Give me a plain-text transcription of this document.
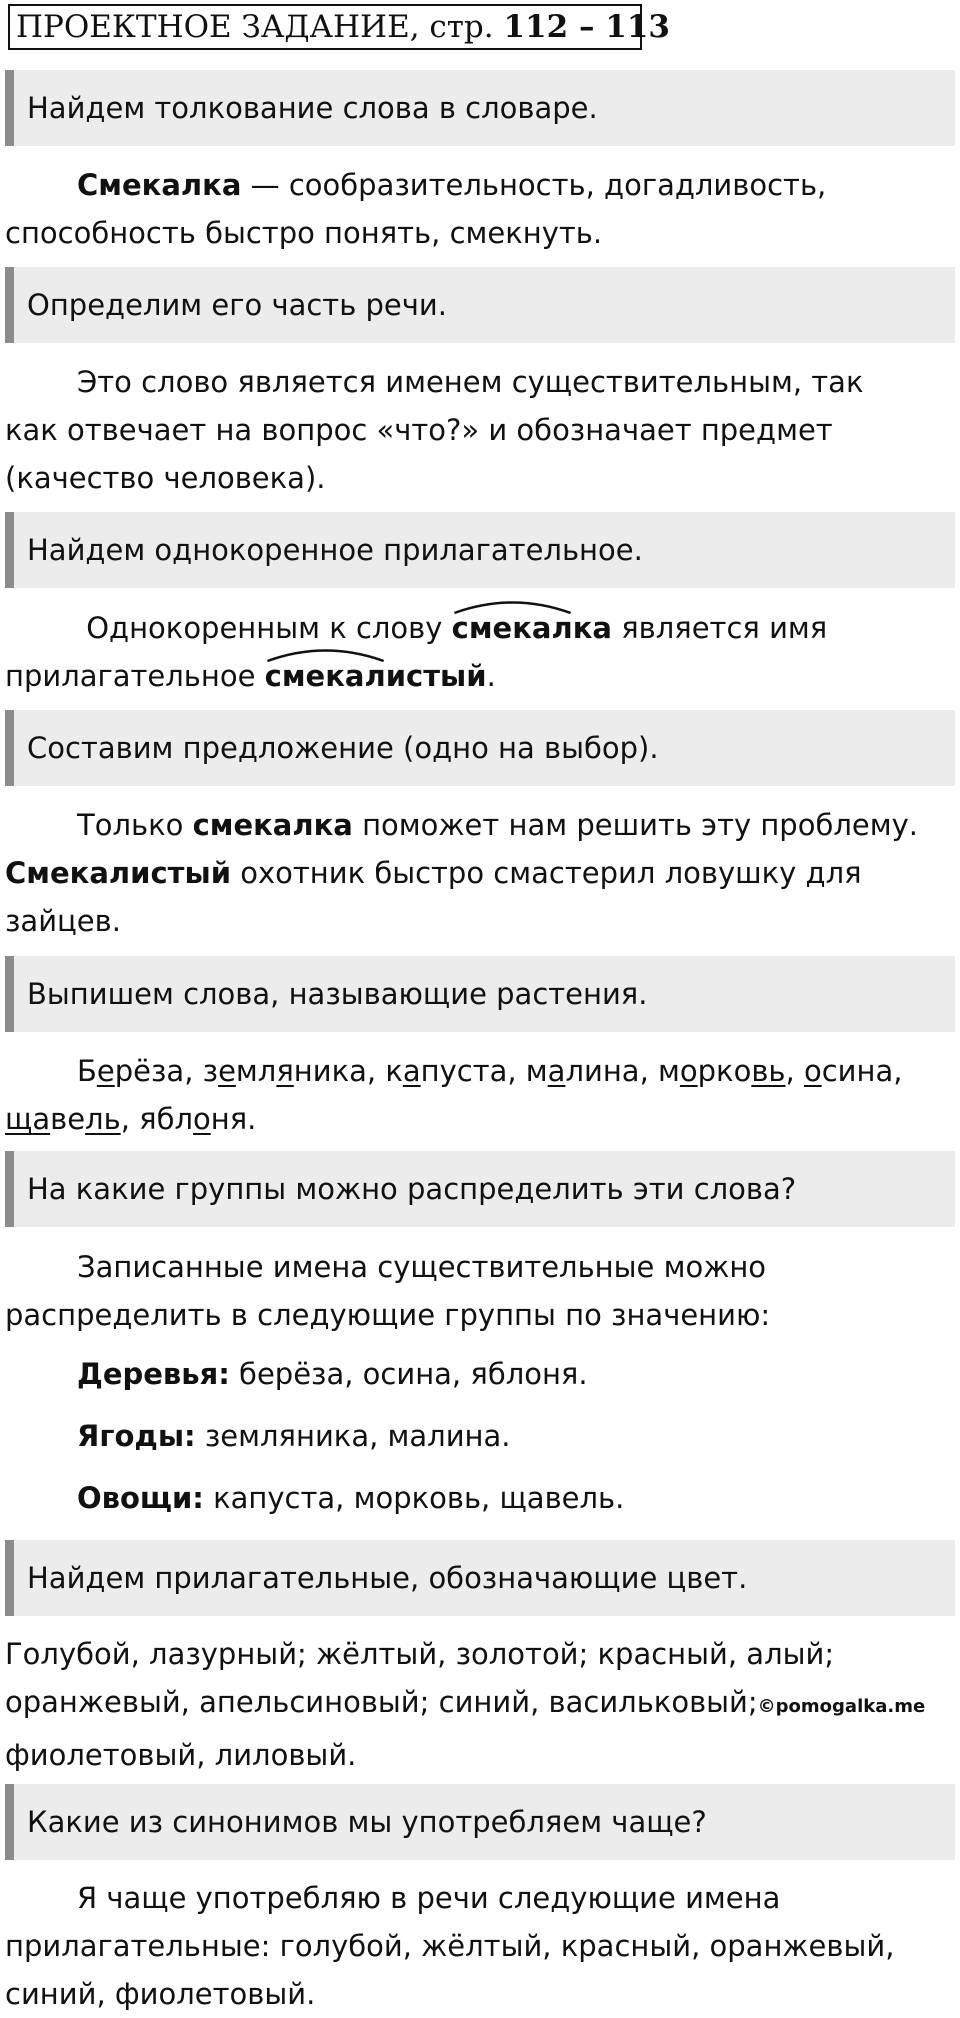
ПРОЕКТНОЕ ЗАДАНИЕ, стр. 112 – 113
Найдем толкование слова в словаре.
Смекалка — сообразительность, догадливость,
способность быстро понять, смекнуть.
Определим его часть речи.
Это слово является именем существительным, так
как отвечает на вопрос «что?» и обозначает предмет
(качество человека).
Найдем однокоренное прилагательное.
Однокоренным к слову
смекалка является имя
прилагательное
смекалистый.
Составим предложение (одно на выбор).
Только смекалка поможет нам решить эту проблему.
Смекалистый охотник быстро смастерил ловушку для
зайцев.
Выпишем слова, называющие растения.
Берёза, земляника, капуста, малина, морковь, осина,
щавель, яблоня.
На какие группы можно распределить эти слова?
Записанные имена существительные можно
распределить в следующие группы по значению:
Деревья: берёза, осина, яблоня.
Ягоды: земляника, малина.
Овощи: капуста, морковь, щавель.
Найдем прилагательные, обозначающие цвет.
Голубой, лазурный; жёлтый, золотой; красный, алый;
оранжевый, апельсиновый; синий, васильковый;©pomogalka.me
фиолетовый, лиловый.
Какие из синонимов мы употребляем чаще?
Я чаще употребляю в речи следующие имена
прилагательные: голубой, жёлтый, красный, оранжевый,
синий, фиолетовый.
